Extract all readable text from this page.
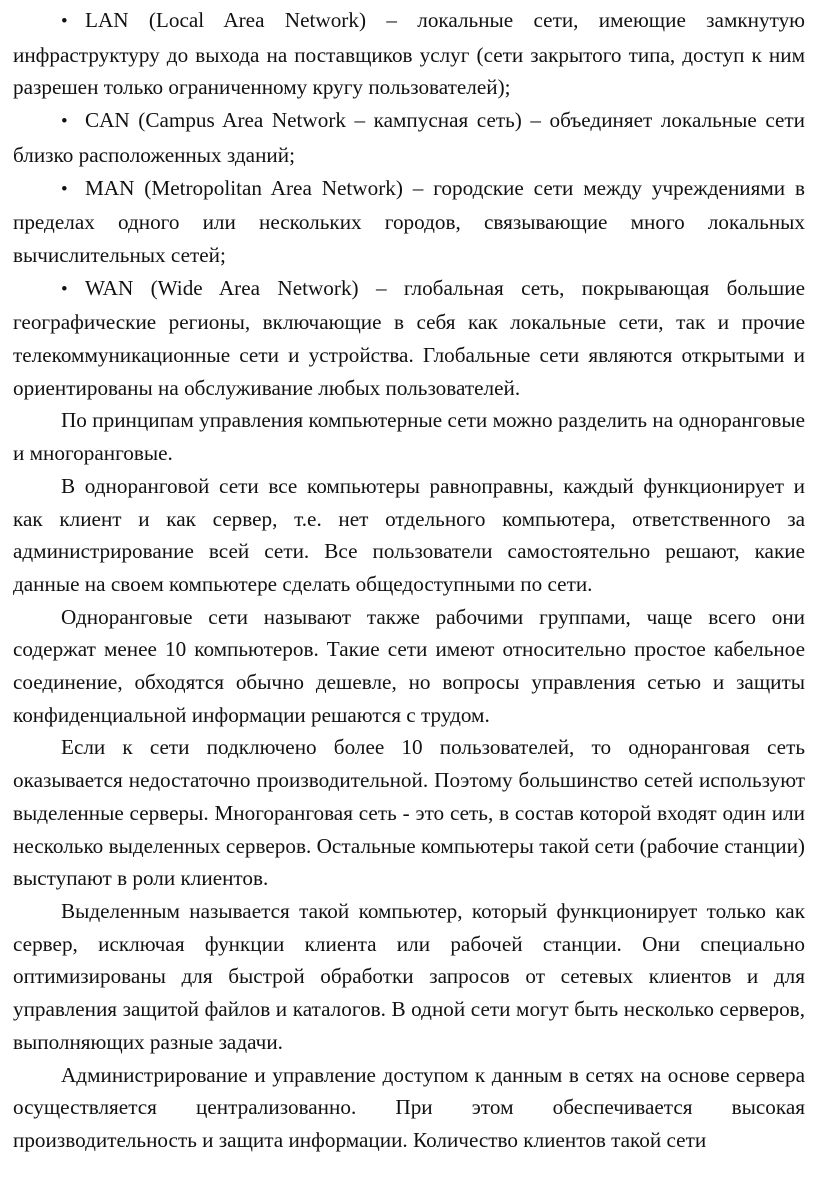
• LAN (Local Area Network) – локальные сети, имеющие замкнутую инфраструктуру до выхода на поставщиков услуг (сети закрытого типа, доступ к ним разрешен только ограниченному кругу пользователей);

• CAN (Campus Area Network – кампусная сеть) – объединяет локальные сети близко расположенных зданий;

• MAN (Metropolitan Area Network) – городские сети между учреждениями в пределах одного или нескольких городов, связывающие много локальных вычислительных сетей;

• WAN (Wide Area Network) – глобальная сеть, покрывающая большие географические регионы, включающие в себя как локальные сети, так и прочие телекоммуникационные сети и устройства. Глобальные сети являются открытыми и ориентированы на обслуживание любых пользователей.

По принципам управления компьютерные сети можно разделить на одноранговые и многоранговые.

В одноранговой сети все компьютеры равноправны, каждый функционирует и как клиент и как сервер, т.е. нет отдельного компьютера, ответственного за администрирование всей сети. Все пользователи самостоятельно решают, какие данные на своем компьютере сделать общедоступными по сети.

Одноранговые сети называют также рабочими группами, чаще всего они содержат менее 10 компьютеров. Такие сети имеют относительно простое кабельное соединение, обходятся обычно дешевле, но вопросы управления сетью и защиты конфиденциальной информации решаются с трудом.

Если к сети подключено более 10 пользователей, то одноранговая сеть оказывается недостаточно производительной. Поэтому большинство сетей используют выделенные серверы. Многоранговая сеть - это сеть, в состав которой входят один или несколько выделенных серверов. Остальные компьютеры такой сети (рабочие станции) выступают в роли клиентов.

Выделенным называется такой компьютер, который функционирует только как сервер, исключая функции клиента или рабочей станции. Они специально оптимизированы для быстрой обработки запросов от сетевых клиентов и для управления защитой файлов и каталогов. В одной сети могут быть несколько серверов, выполняющих разные задачи.

Администрирование и управление доступом к данным в сетях на основе сервера осуществляется централизованно. При этом обеспечивается высокая производительность и защита информации. Количество клиентов такой сети
